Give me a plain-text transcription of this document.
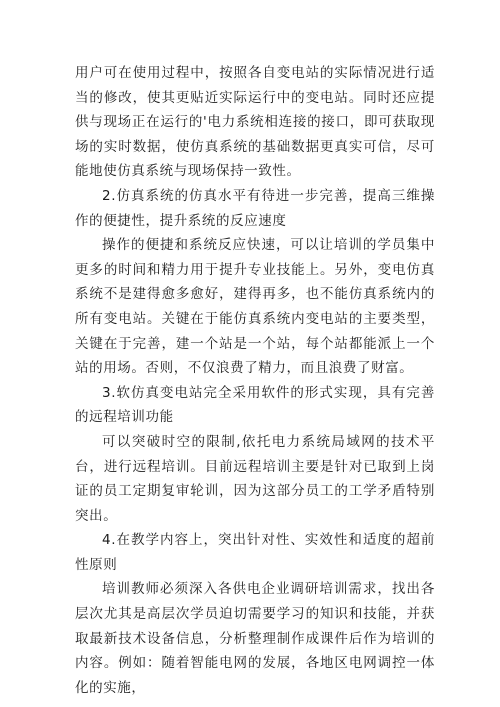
用户可在使用过程中，按照各自变电站的实际情况进行适当的修改，使其更贴近实际运行中的变电站。同时还应提供与现场正在运行的'电力系统相连接的接口，即可获取现场的实时数据，使仿真系统的基础数据更真实可信，尽可能地使仿真系统与现场保持一致性。

2.仿真系统的仿真水平有待进一步完善，提高三维操作的便捷性，提升系统的反应速度

操作的便捷和系统反应快速，可以让培训的学员集中更多的时间和精力用于提升专业技能上。另外，变电仿真系统不是建得愈多愈好，建得再多，也不能仿真系统内的所有变电站。关键在于能仿真系统内变电站的主要类型，关键在于完善，建一个站是一个站，每个站都能派上一个站的用场。否则，不仅浪费了精力，而且浪费了财富。

3.软仿真变电站完全采用软件的形式实现，具有完善的远程培训功能

可以突破时空的限制,依托电力系统局域网的技术平台，进行远程培训。目前远程培训主要是针对已取到上岗证的员工定期复审轮训，因为这部分员工的工学矛盾特别突出。

4.在教学内容上，突出针对性、实效性和适度的超前性原则

培训教师必须深入各供电企业调研培训需求，找出各层次尤其是高层次学员迫切需要学习的知识和技能，并获取最新技术设备信息，分析整理制作成课件后作为培训的内容。例如：随着智能电网的发展，各地区电网调控一体化的实施，
